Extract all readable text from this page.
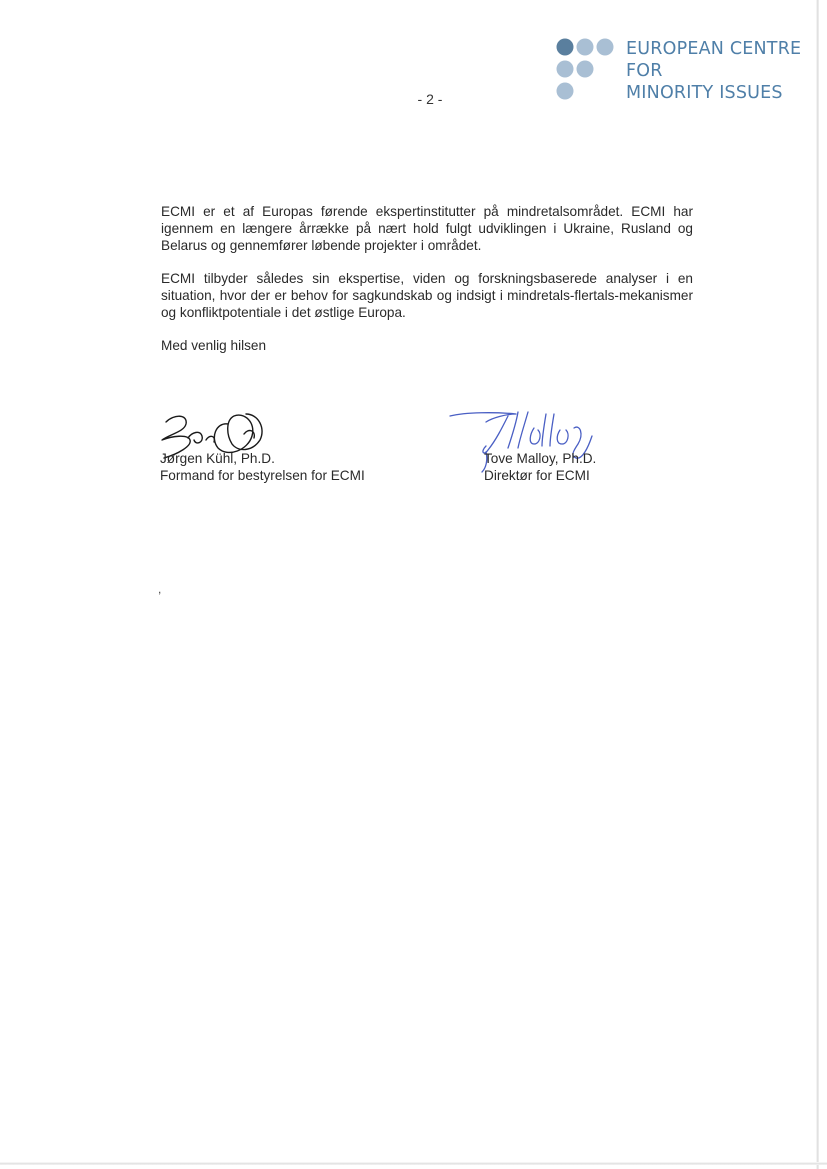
EUROPEAN CENTRE
FOR
MINORITY ISSUES
- 2 -

ECMI er et af Europas førende ekspertinstitutter på mindretalsområdet. ECMI har igennem en længere årrække på nært hold fulgt udviklingen i Ukraine, Rusland og Belarus og gennemfører løbende projekter i området.

ECMI tilbyder således sin ekspertise, viden og forskningsbaserede analyser i en situation, hvor der er behov for sagkundskab og indsigt i mindretals-flertals-mekanismer og konfliktpotentiale i det østlige Europa.

Med venlig hilsen

Jørgen Kühl, Ph.D.
Formand for bestyrelsen for ECMI
Tove Malloy, Ph.D.
Direktør for ECMI
,
